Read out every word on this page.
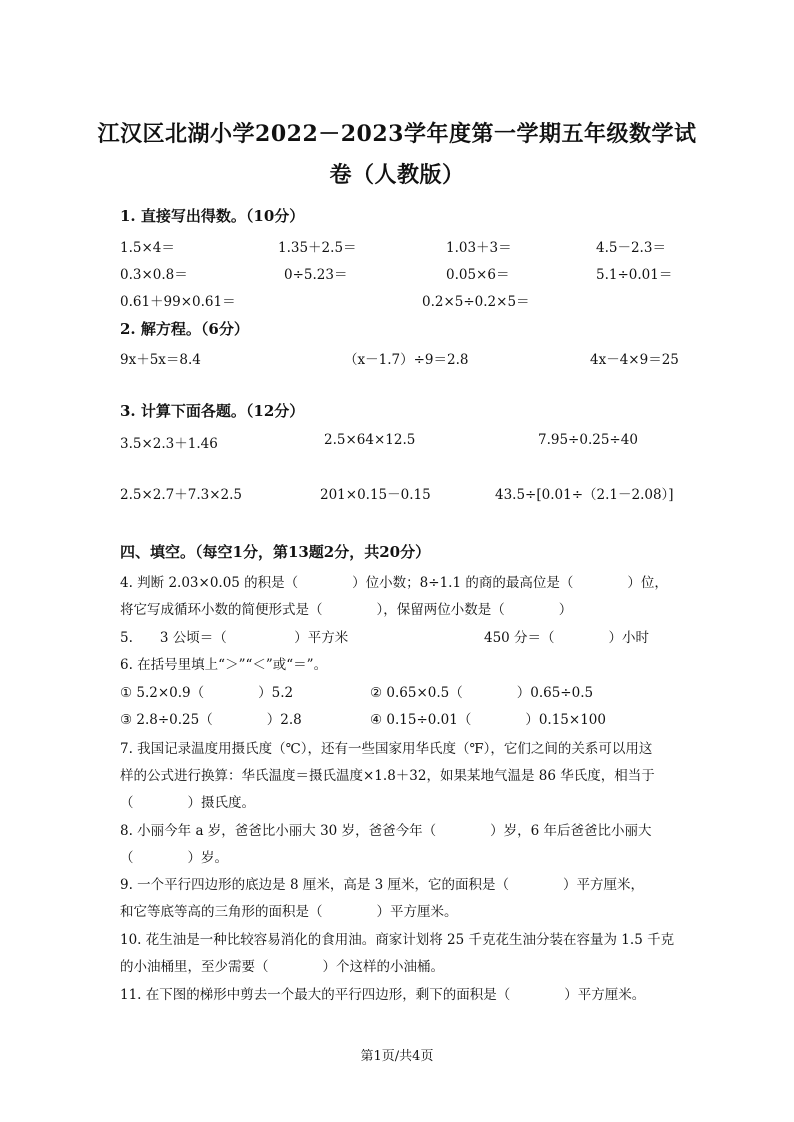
江汉区北湖小学2022－2023学年度第一学期五年级数学试
卷（人教版）
1. 直接写出得数。（10分）
1.5×4＝	1.35＋2.5＝	1.03＋3＝	4.5－2.3＝
0.3×0.8＝	0÷5.23＝	0.05×6＝	5.1÷0.01＝
0.61＋99×0.61＝	0.2×5÷0.2×5＝
2. 解方程。（6分）
9x＋5x＝8.4	（x－1.7）÷9＝2.8	4x－4×9＝25
3. 计算下面各题。（12分）
3.5×2.3＋1.46	2.5×64×12.5	7.95÷0.25÷40
2.5×2.7＋7.3×2.5	201×0.15－0.15	43.5÷[0.01÷（2.1－2.08）]
四、填空。（每空1分，第13题2分，共20分）
4. 判断 2.03×0.05 的积是（　　　　）位小数；8÷1.1 的商的最高位是（　　　　）位，
将它写成循环小数的简便形式是（　　　　），保留两位小数是（　　　　）
5.　　3 公顷＝（　　　　　）平方米	450 分＝（　　　　）小时
6. 在括号里填上“＞”“＜”或“＝”。
① 5.2×0.9（　　　　）5.2	② 0.65×0.5（　　　　）0.65÷0.5
③ 2.8÷0.25（　　　　）2.8	④ 0.15÷0.01（　　　　）0.15×100
7. 我国记录温度用摄氏度（℃），还有一些国家用华氏度（℉），它们之间的关系可以用这
样的公式进行换算：华氏温度＝摄氏温度×1.8＋32，如果某地气温是 86 华氏度，相当于
（　　　　）摄氏度。
8. 小丽今年 a 岁，爸爸比小丽大 30 岁，爸爸今年（　　　　）岁，6 年后爸爸比小丽大
（　　　　）岁。
9. 一个平行四边形的底边是 8 厘米，高是 3 厘米，它的面积是（　　　　）平方厘米，
和它等底等高的三角形的面积是（　　　　）平方厘米。
10. 花生油是一种比较容易消化的食用油。商家计划将 25 千克花生油分装在容量为 1.5 千克
的小油桶里，至少需要（　　　　）个这样的小油桶。
11. 在下图的梯形中剪去一个最大的平行四边形，剩下的面积是（　　　　）平方厘米。
第1页/共4页
